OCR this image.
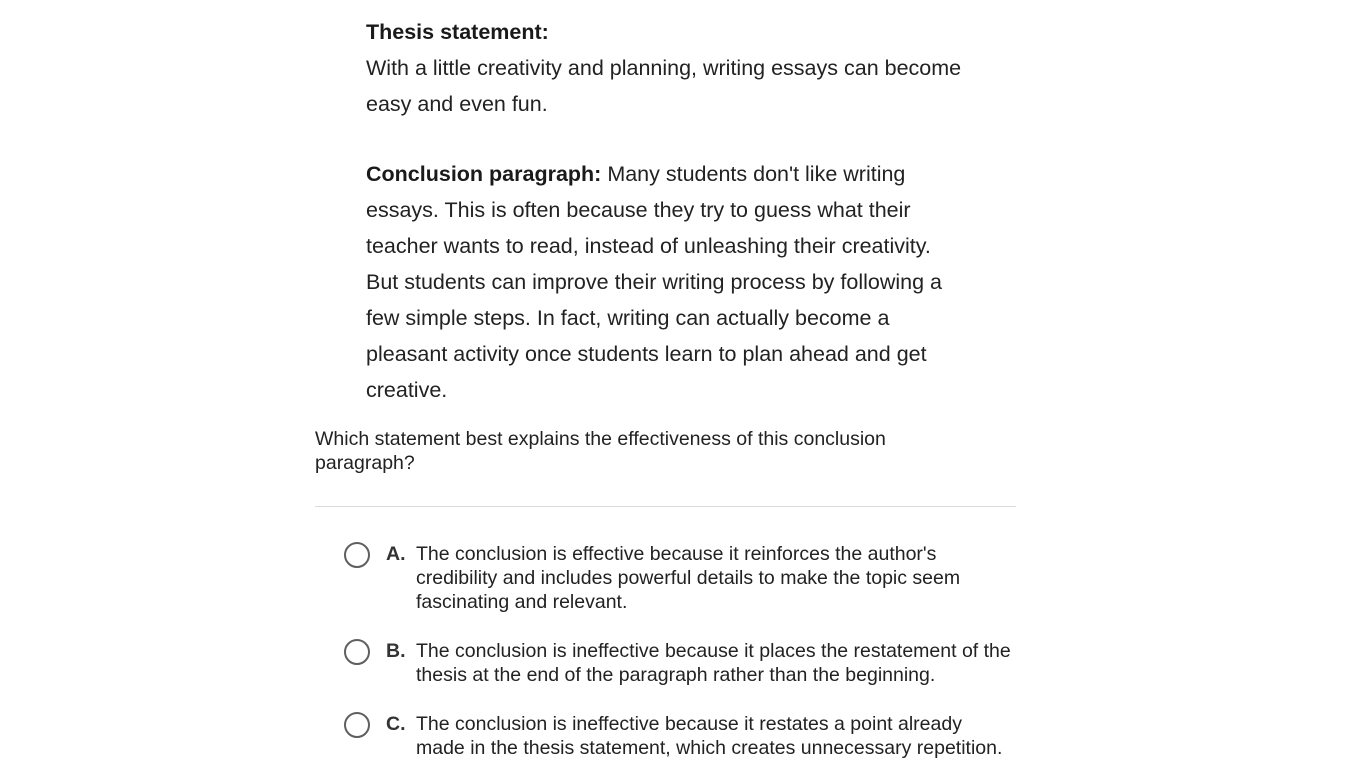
Thesis statement:
With a little creativity and planning, writing essays can become easy and even fun.

Conclusion paragraph: Many students don't like writing essays. This is often because they try to guess what their teacher wants to read, instead of unleashing their creativity. But students can improve their writing process by following a few simple steps. In fact, writing can actually become a pleasant activity once students learn to plan ahead and get creative.

Which statement best explains the effectiveness of this conclusion paragraph?
A. The conclusion is effective because it reinforces the author's credibility and includes powerful details to make the topic seem fascinating and relevant.
B. The conclusion is ineffective because it places the restatement of the thesis at the end of the paragraph rather than the beginning.
C. The conclusion is ineffective because it restates a point already made in the thesis statement, which creates unnecessary repetition.
